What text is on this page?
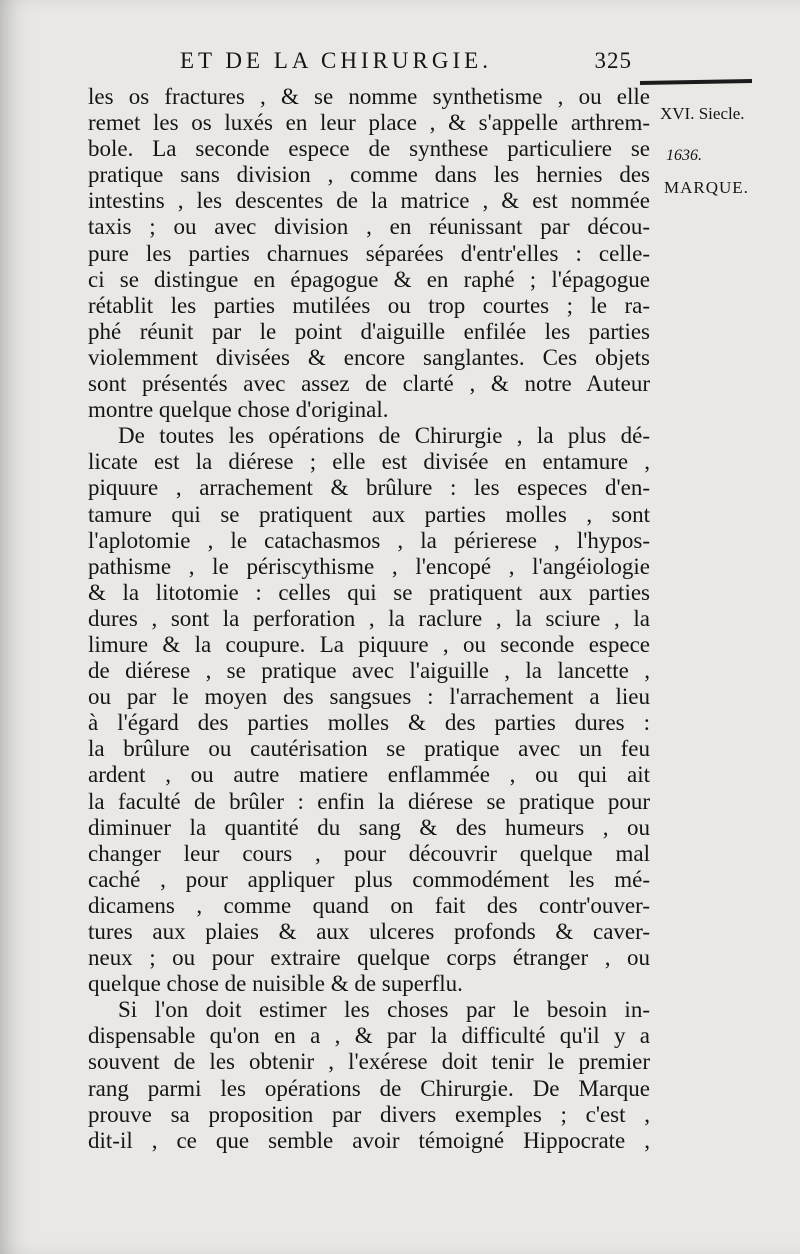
ET DE LA CHIRURGIE.	325
XVI. Siecle.
1636.
MARQUE.
les os fractures , & se nomme synthetisme , ou elle
remet les os luxés en leur place , & s'appelle arthrem-
bole. La seconde espece de synthese particuliere se
pratique sans division , comme dans les hernies des
intestins , les descentes de la matrice , & est nommée
taxis ; ou avec division , en réunissant par décou-
pure les parties charnues séparées d'entr'elles : celle-
ci se distingue en épagogue & en raphé ; l'épagogue
rétablit les parties mutilées ou trop courtes ; le ra-
phé réunit par le point d'aiguille enfilée les parties
violemment divisées & encore sanglantes. Ces objets
sont présentés avec assez de clarté , & notre Auteur
montre quelque chose d'original.
De toutes les opérations de Chirurgie , la plus dé-
licate est la diérese ; elle est divisée en entamure ,
piquure , arrachement & brûlure : les especes d'en-
tamure qui se pratiquent aux parties molles , sont
l'aplotomie , le catachasmos , la périerese , l'hypos-
pathisme , le périscythisme , l'encopé , l'angéiologie
& la litotomie : celles qui se pratiquent aux parties
dures , sont la perforation , la raclure , la sciure , la
limure & la coupure. La piquure , ou seconde espece
de diérese , se pratique avec l'aiguille , la lancette ,
ou par le moyen des sangsues : l'arrachement a lieu
à l'égard des parties molles & des parties dures :
la brûlure ou cautérisation se pratique avec un feu
ardent , ou autre matiere enflammée , ou qui ait
la faculté de brûler : enfin la diérese se pratique pour
diminuer la quantité du sang & des humeurs , ou
changer leur cours , pour découvrir quelque mal
caché , pour appliquer plus commodément les mé-
dicamens , comme quand on fait des contr'ouver-
tures aux plaies & aux ulceres profonds & caver-
neux ; ou pour extraire quelque corps étranger , ou
quelque chose de nuisible & de superflu.
Si l'on doit estimer les choses par le besoin in-
dispensable qu'on en a , & par la difficulté qu'il y a
souvent de les obtenir , l'exérese doit tenir le premier
rang parmi les opérations de Chirurgie. De Marque
prouve sa proposition par divers exemples ; c'est ,
dit-il , ce que semble avoir témoigné Hippocrate ,
